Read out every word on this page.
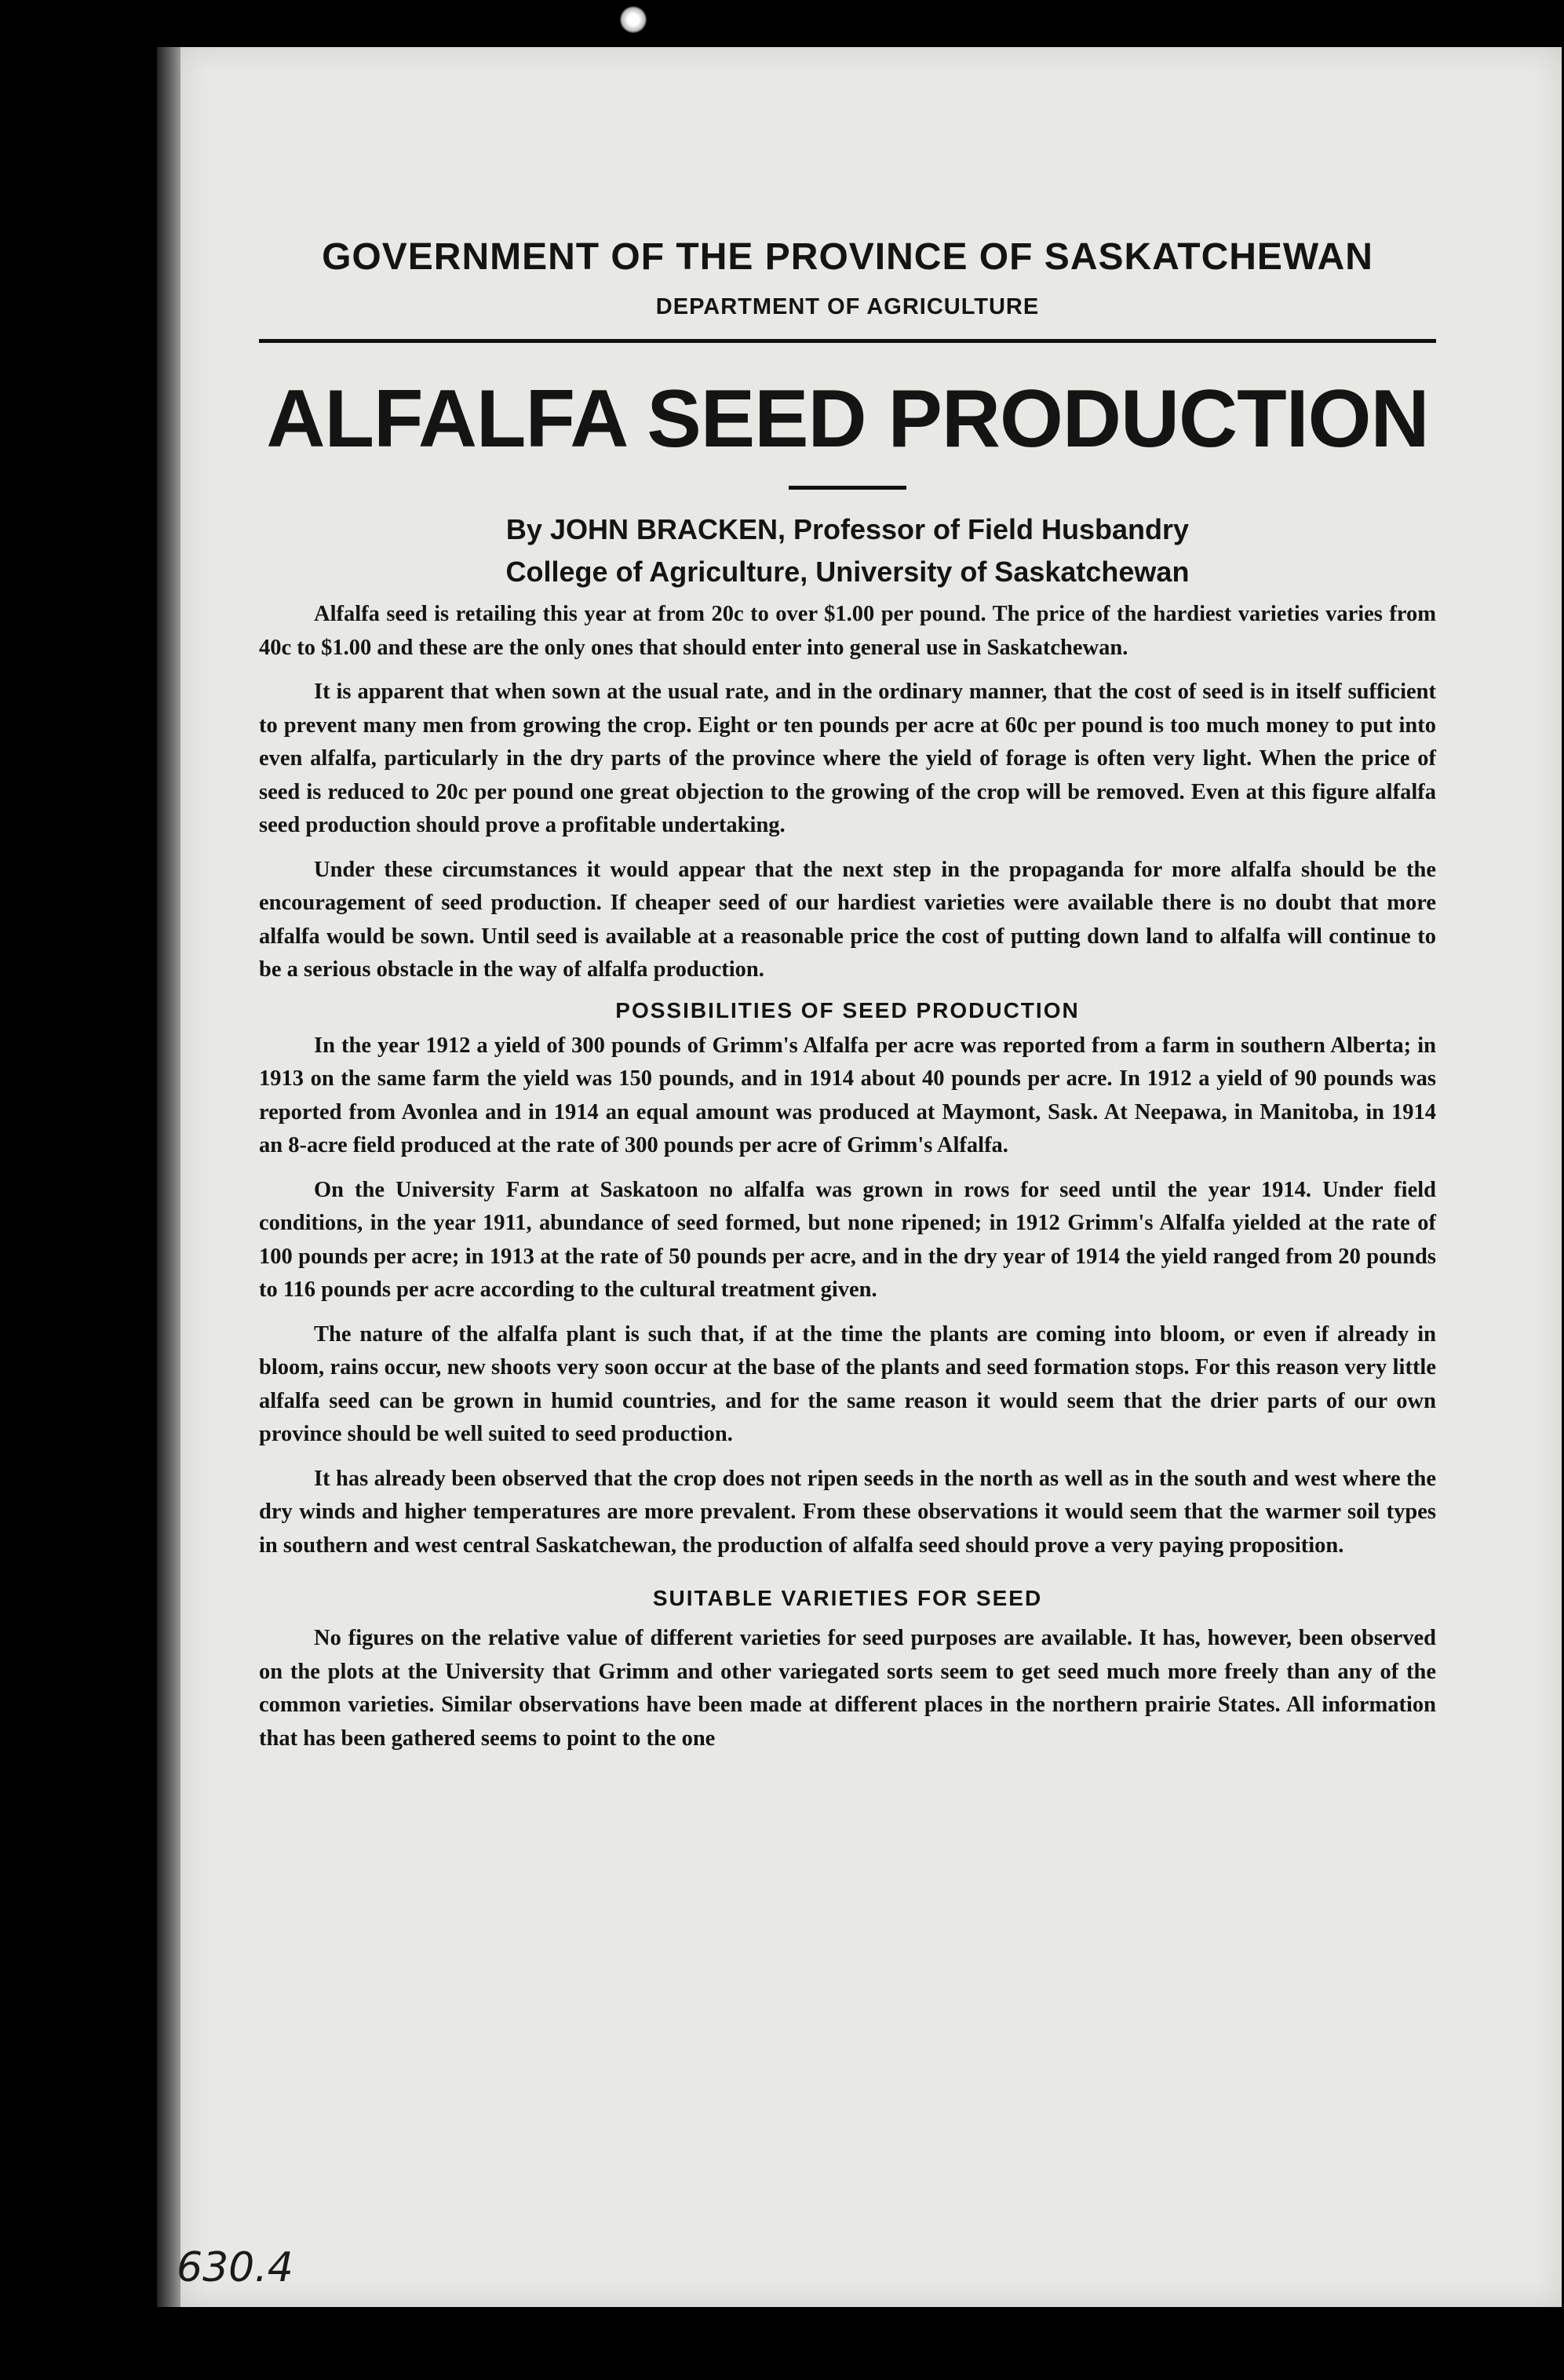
GOVERNMENT OF THE PROVINCE OF SASKATCHEWAN
DEPARTMENT OF AGRICULTURE
ALFALFA SEED PRODUCTION
By JOHN BRACKEN, Professor of Field Husbandry
College of Agriculture, University of Saskatchewan

Alfalfa seed is retailing this year at from 20c to over $1.00 per pound. The price of the hardiest varieties varies from 40c to $1.00 and these are the only ones that should enter into general use in Saskatchewan.

It is apparent that when sown at the usual rate, and in the ordinary manner, that the cost of seed is in itself sufficient to prevent many men from growing the crop. Eight or ten pounds per acre at 60c per pound is too much money to put into even alfalfa, particularly in the dry parts of the province where the yield of forage is often very light. When the price of seed is reduced to 20c per pound one great objection to the growing of the crop will be removed. Even at this figure alfalfa seed production should prove a profitable undertaking.

Under these circumstances it would appear that the next step in the propaganda for more alfalfa should be the encouragement of seed production. If cheaper seed of our hardiest varieties were available there is no doubt that more alfalfa would be sown. Until seed is available at a reasonable price the cost of putting down land to alfalfa will continue to be a serious obstacle in the way of alfalfa production.

POSSIBILITIES OF SEED PRODUCTION

In the year 1912 a yield of 300 pounds of Grimm's Alfalfa per acre was reported from a farm in southern Alberta; in 1913 on the same farm the yield was 150 pounds, and in 1914 about 40 pounds per acre. In 1912 a yield of 90 pounds was reported from Avonlea and in 1914 an equal amount was produced at Maymont, Sask. At Neepawa, in Manitoba, in 1914 an 8-acre field produced at the rate of 300 pounds per acre of Grimm's Alfalfa.

On the University Farm at Saskatoon no alfalfa was grown in rows for seed until the year 1914. Under field conditions, in the year 1911, abundance of seed formed, but none ripened; in 1912 Grimm's Alfalfa yielded at the rate of 100 pounds per acre; in 1913 at the rate of 50 pounds per acre, and in the dry year of 1914 the yield ranged from 20 pounds to 116 pounds per acre according to the cultural treatment given.

The nature of the alfalfa plant is such that, if at the time the plants are coming into bloom, or even if already in bloom, rains occur, new shoots very soon occur at the base of the plants and seed formation stops. For this reason very little alfalfa seed can be grown in humid countries, and for the same reason it would seem that the drier parts of our own province should be well suited to seed production.

It has already been observed that the crop does not ripen seeds in the north as well as in the south and west where the dry winds and higher temperatures are more prevalent. From these observations it would seem that the warmer soil types in southern and west central Saskatchewan, the production of alfalfa seed should prove a very paying proposition.

SUITABLE VARIETIES FOR SEED

No figures on the relative value of different varieties for seed purposes are available. It has, however, been observed on the plots at the University that Grimm and other variegated sorts seem to get seed much more freely than any of the common varieties. Similar observations have been made at different places in the northern prairie States. All information that has been gathered seems to point to the one

630.4
